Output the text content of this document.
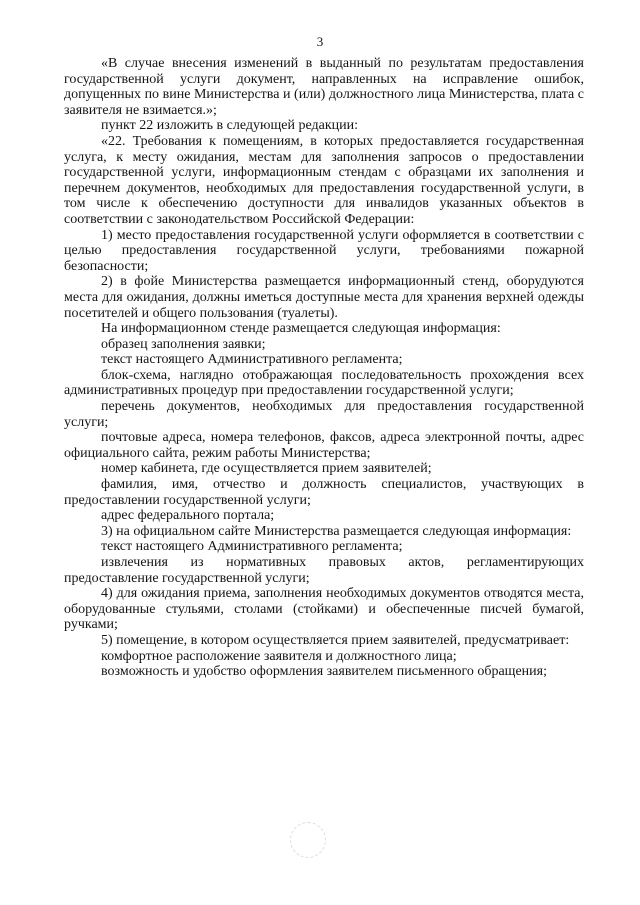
3

«В случае внесения изменений в выданный по результатам предоставления государственной услуги документ, направленных на исправление ошибок, допущенных по вине Министерства и (или) должностного лица Министерства, плата с заявителя не взимается.»;

пункт 22 изложить в следующей редакции:

«22. Требования к помещениям, в которых предоставляется государственная услуга, к месту ожидания, местам для заполнения запросов о предоставлении государственной услуги, информационным стендам с образцами их заполнения и перечнем документов, необходимых для предоставления государственной услуги, в том числе к обеспечению доступности для инвалидов указанных объектов в соответствии с законодательством Российской Федерации:

1) место предоставления государственной услуги оформляется в соответствии с целью предоставления государственной услуги, требованиями пожарной безопасности;

2) в фойе Министерства размещается информационный стенд, оборудуются места для ожидания, должны иметься доступные места для хранения верхней одежды посетителей и общего пользования (туалеты).

На информационном стенде размещается следующая информация:

образец заполнения заявки;

текст настоящего Административного регламента;

блок-схема, наглядно отображающая последовательность прохождения всех административных процедур при предоставлении государственной услуги;

перечень документов, необходимых для предоставления государственной услуги;

почтовые адреса, номера телефонов, факсов, адреса электронной почты, адрес официального сайта, режим работы Министерства;

номер кабинета, где осуществляется прием заявителей;

фамилия, имя, отчество и должность специалистов, участвующих в предоставлении государственной услуги;

адрес федерального портала;

3) на официальном сайте Министерства размещается следующая информация:

текст настоящего Административного регламента;

извлечения из нормативных правовых актов, регламентирующих предоставление государственной услуги;

4) для ожидания приема, заполнения необходимых документов отводятся места, оборудованные стульями, столами (стойками) и обеспеченные писчей бумагой, ручками;

5) помещение, в котором осуществляется прием заявителей, предусматривает:

комфортное расположение заявителя и должностного лица;

возможность и удобство оформления заявителем письменного обращения;
